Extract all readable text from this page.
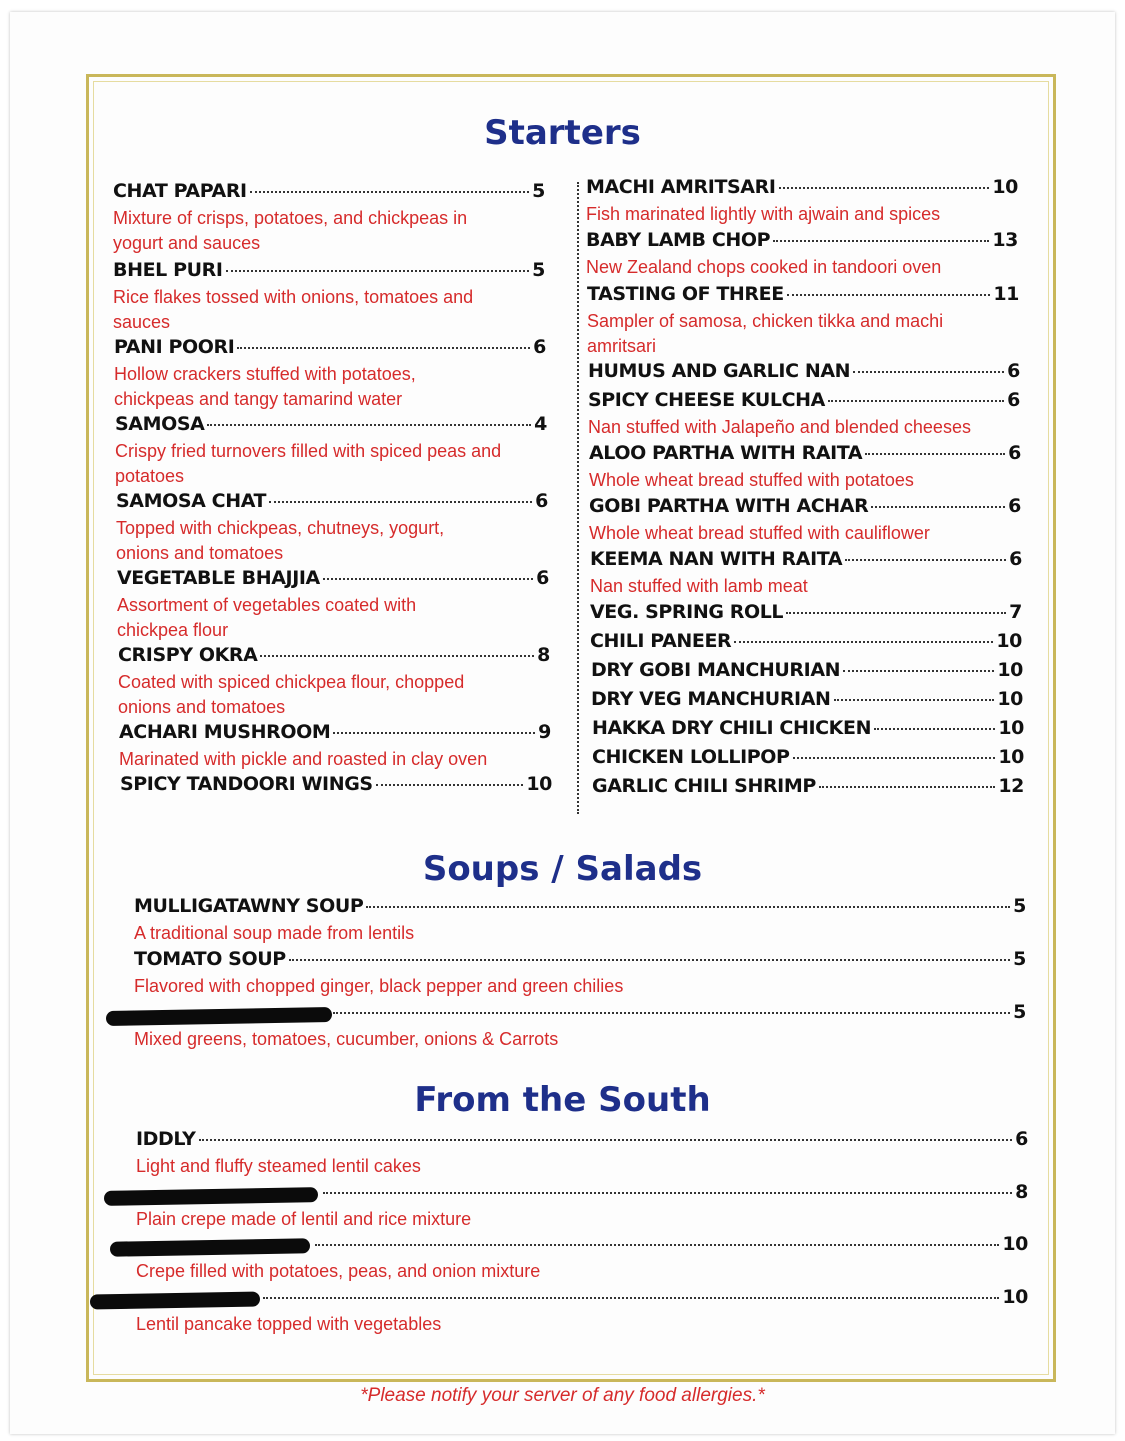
Starters
Soups / Salads
From the South
CHAT PAPARI	5
Mixture of crisps, potatoes, and chickpeas in yogurt and sauces
BHEL PURI	5
Rice flakes tossed with onions, tomatoes and sauces
PANI POORI	6
Hollow crackers stuffed with potatoes, chickpeas and tangy tamarind water
SAMOSA	4
Crispy fried turnovers filled with spiced peas and potatoes
SAMOSA CHAT	6
Topped with chickpeas, chutneys, yogurt, onions and tomatoes
VEGETABLE BHAJJIA	6
Assortment of vegetables coated with chickpea flour
CRISPY OKRA	8
Coated with spiced chickpea flour, chopped onions and tomatoes
ACHARI MUSHROOM	9
Marinated with pickle and roasted in clay oven
SPICY TANDOORI WINGS	10
MACHI AMRITSARI	10
Fish marinated lightly with ajwain and spices
BABY LAMB CHOP	13
New Zealand chops cooked in tandoori oven
TASTING OF THREE	11
Sampler of samosa, chicken tikka and machi amritsari
HUMUS AND GARLIC NAN	6
SPICY CHEESE KULCHA	6
Nan stuffed with Jalapeño and blended cheeses
ALOO PARTHA WITH RAITA	6
Whole wheat bread stuffed with potatoes
GOBI PARTHA WITH ACHAR	6
Whole wheat bread stuffed with cauliflower
KEEMA NAN WITH RAITA	6
Nan stuffed with lamb meat
VEG. SPRING ROLL	7
CHILI PANEER	10
DRY GOBI MANCHURIAN	10
DRY VEG MANCHURIAN	10
HAKKA DRY CHILI CHICKEN	10
CHICKEN LOLLIPOP	10
GARLIC CHILI SHRIMP	12
MULLIGATAWNY SOUP	5
A traditional soup made from lentils
TOMATO SOUP	5
Flavored with chopped ginger, black pepper and green chilies
5
Mixed greens, tomatoes, cucumber, onions & Carrots
IDDLY	6
Light and fluffy steamed lentil cakes
8
Plain crepe made of lentil and rice mixture
10
Crepe filled with potatoes, peas, and onion mixture
10
Lentil pancake topped with vegetables
*Please notify your server of any food allergies.*
